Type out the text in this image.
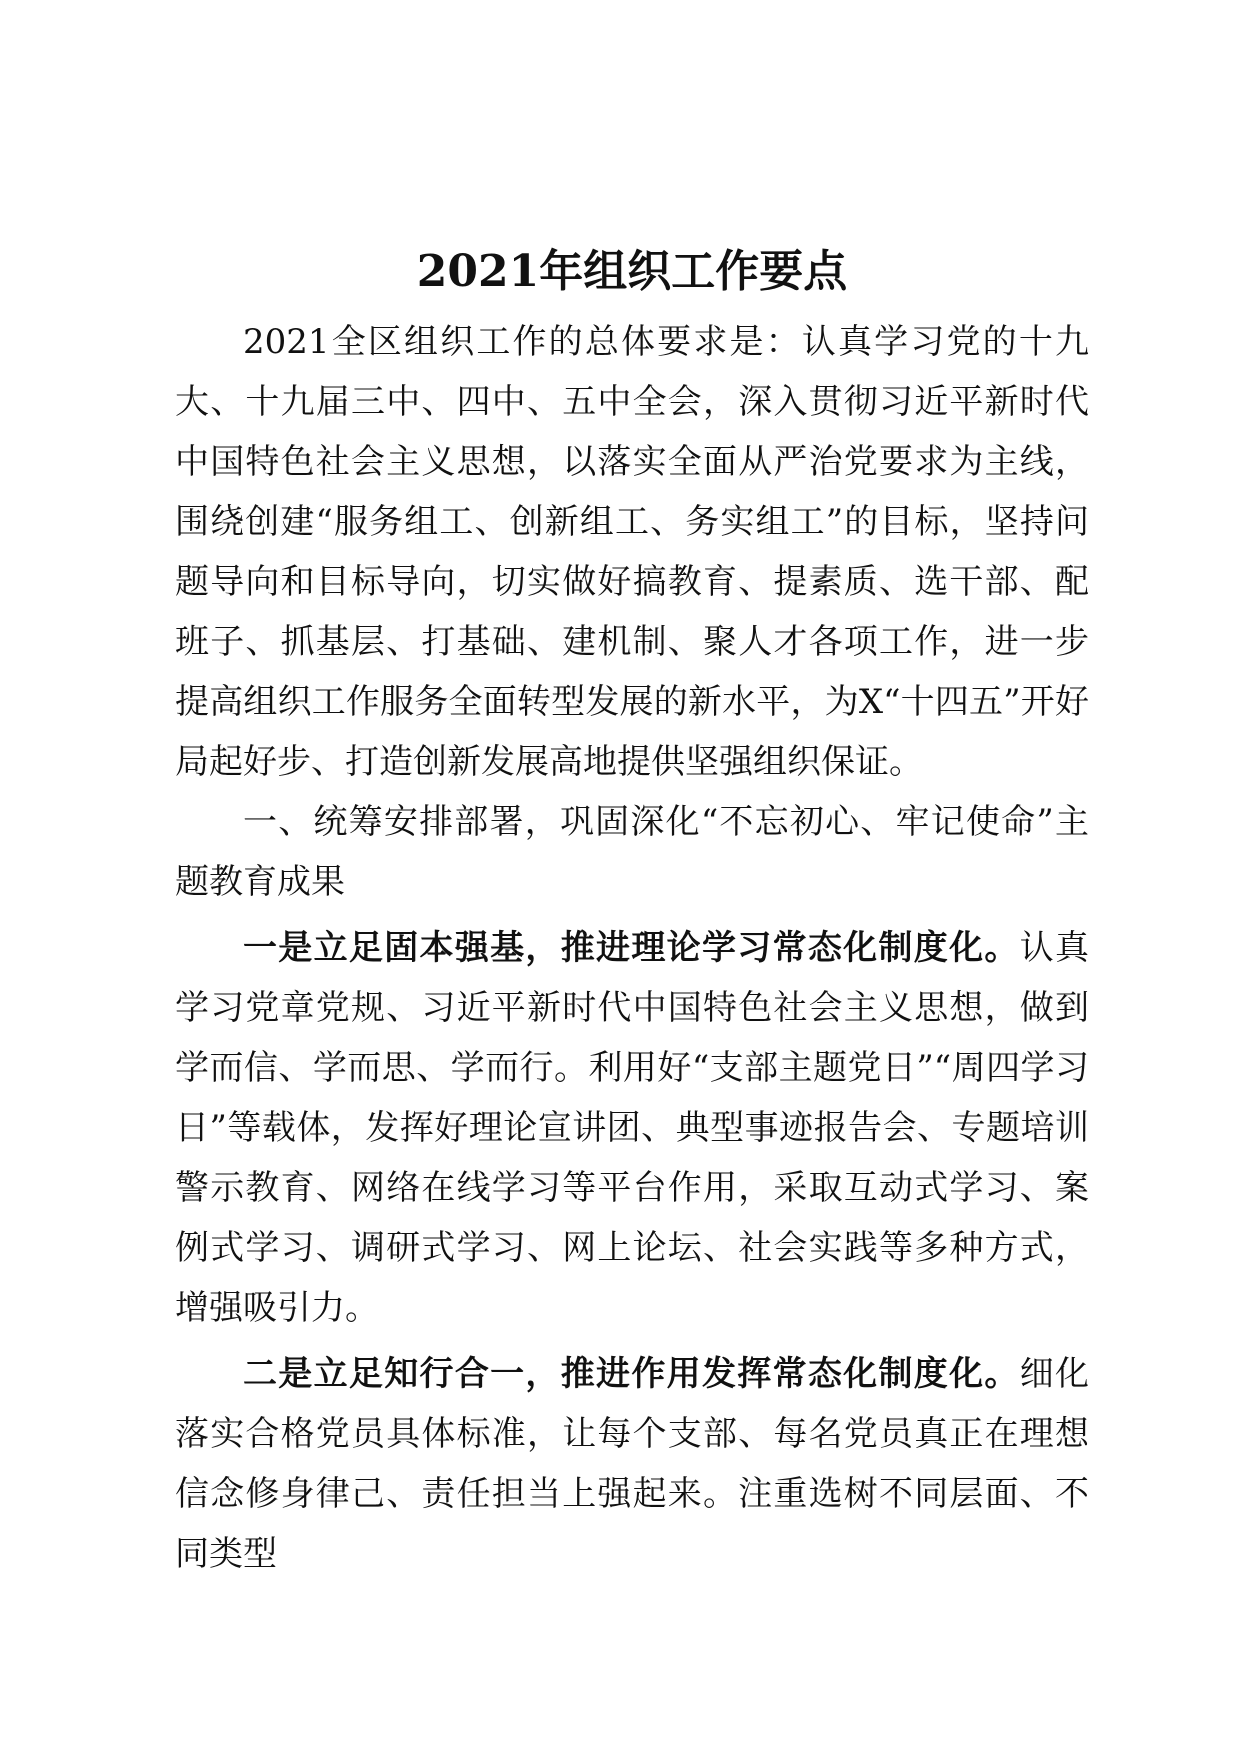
2021年组织工作要点

2021全区组织工作的总体要求是：认真学习党的十九大、十九届三中、四中、五中全会，深入贯彻习近平新时代中国特色社会主义思想，以落实全面从严治党要求为主线，围绕创建“服务组工、创新组工、务实组工”的目标，坚持问题导向和目标导向，切实做好搞教育、提素质、选干部、配班子、抓基层、打基础、建机制、聚人才各项工作，进一步提高组织工作服务全面转型发展的新水平，为X“十四五”开好局起好步、打造创新发展高地提供坚强组织保证。

一、统筹安排部署，巩固深化“不忘初心、牢记使命”主题教育成果

一是立足固本强基，推进理论学习常态化制度化。认真学习党章党规、习近平新时代中国特色社会主义思想，做到学而信、学而思、学而行。利用好“支部主题党日”“周四学习日”等载体，发挥好理论宣讲团、典型事迹报告会、专题培训警示教育、网络在线学习等平台作用，采取互动式学习、案例式学习、调研式学习、网上论坛、社会实践等多种方式，增强吸引力。

二是立足知行合一，推进作用发挥常态化制度化。细化落实合格党员具体标准，让每个支部、每名党员真正在理想信念修身律己、责任担当上强起来。注重选树不同层面、不同类型
